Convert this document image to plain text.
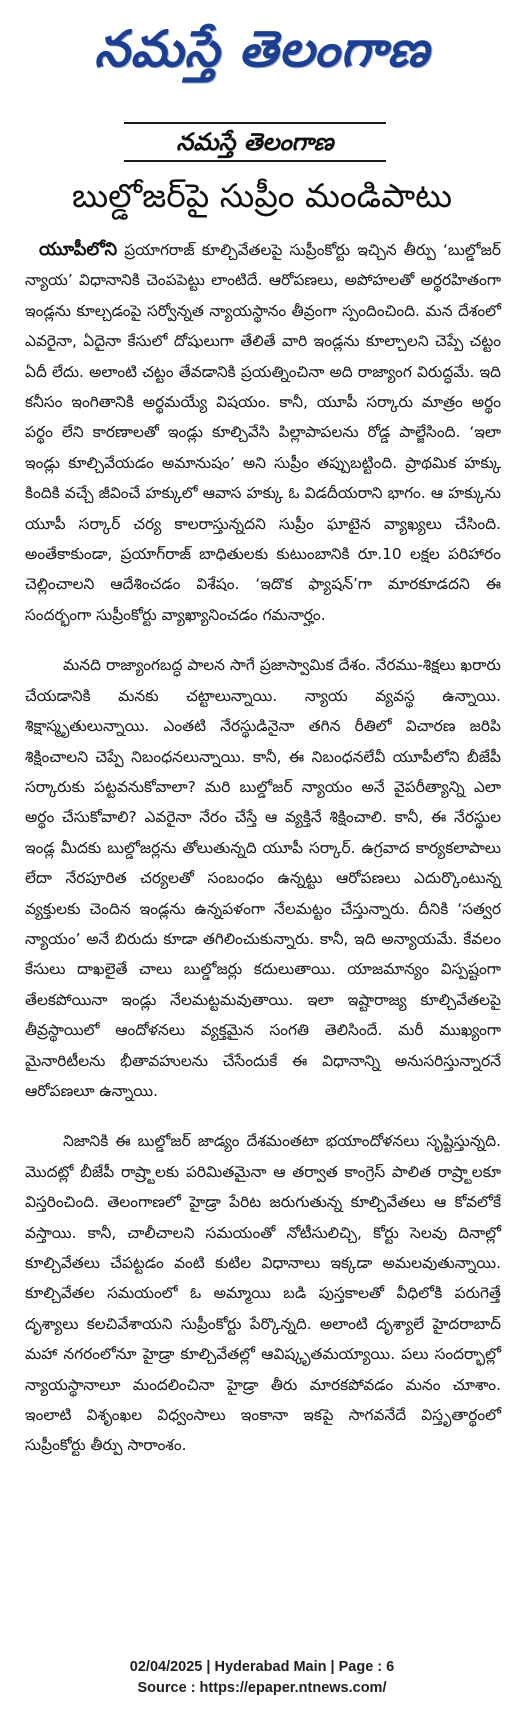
నమస్తే తెలంగాణ
నమస్తే తెలంగాణ
బుల్డోజర్‌పై సుప్రీం మండిపాటు

యూపీలోని ప్రయాగరాజ్ కూల్చివేతలపై సుప్రీంకోర్టు ఇచ్చిన తీర్పు ‘బుల్డోజర్ న్యాయ’ విధానానికి చెంపపెట్టు లాంటిదే. ఆరోపణలు, అపోహలతో అర్థరహితంగా ఇండ్లను కూల్చడంపై సర్వోన్నత న్యాయస్థానం తీవ్రంగా స్పందించింది. మన దేశంలో ఎవరైనా, ఏదైనా కేసులో దోషులుగా తేలితే వారి ఇండ్లను కూల్చాలని చెప్పే చట్టం ఏదీ లేదు. అలాంటి చట్టం తేవడానికి ప్రయత్నించినా అది రాజ్యాంగ విరుద్ధమే. ఇది కనీసం ఇంగితానికి అర్థమయ్యే విషయం. కానీ, యూపీ సర్కారు మాత్రం అర్థం పర్థం లేని కారణాలతో ఇండ్లు కూల్చివేసి పిల్లాపాపలను రోడ్డ పాల్జేసింది. ‘ఇలా ఇండ్లు కూల్చివేయడం అమానుషం’ అని సుప్రీం తప్పుబట్టింది. ప్రాథమిక హక్కు కిందికి వచ్చే జీవించే హక్కులో ఆవాస హక్కు ఓ విడదీయరాని భాగం. ఆ హక్కును యూపీ సర్కార్ చర్య కాలరాస్తున్నదని సుప్రీం ఘాటైన వ్యాఖ్యలు చేసింది. అంతేకాకుండా, ప్రయాగ్‌రాజ్ బాధితులకు కుటుంబానికి రూ.10 లక్షల పరిహారం చెల్లించాలని ఆదేశించడం విశేషం. ‘ఇదొక ఫ్యాషన్’గా మారకూడదని ఈ సందర్భంగా సుప్రీంకోర్టు వ్యాఖ్యానించడం గమనార్హం.

మనది రాజ్యాంగబద్ధ పాలన సాగే ప్రజాస్వామిక దేశం. నేరము-శిక్షలు ఖరారు చేయడానికి మనకు చట్టాలున్నాయి. న్యాయ వ్యవస్థ ఉన్నాయి. శిక్షాస్మృతులున్నాయి. ఎంతటి నేరస్థుడినైనా తగిన రీతిలో విచారణ జరిపి శిక్షించాలని చెప్పే నిబంధనలున్నాయి. కానీ, ఈ నిబంధనలేవీ యూపీలోని బీజేపీ సర్కారుకు పట్టవనుకోవాలా? మరి బుల్డోజర్ న్యాయం అనే వైపరీత్యాన్ని ఎలా అర్థం చేసుకోవాలి? ఎవరైనా నేరం చేస్తే ఆ వ్యక్తినే శిక్షించాలి. కానీ, ఈ నేరస్థుల ఇండ్ల మీదకు బుల్డోజర్లను తోలుతున్నది యూపీ సర్కార్. ఉగ్రవాద కార్యకలాపాలు లేదా నేరపూరిత చర్యలతో సంబంధం ఉన్నట్టు ఆరోపణలు ఎదుర్కొంటున్న వ్యక్తులకు చెందిన ఇండ్లను ఉన్నపళంగా నేలమట్టం చేస్తున్నారు. దీనికి ‘సత్వర న్యాయం’ అనే బిరుదు కూడా తగిలించుకున్నారు. కానీ, ఇది అన్యాయమే. కేవలం కేసులు దాఖలైతే చాలు బుల్డోజర్లు కదులుతాయి. యాజమాన్యం విస్పష్టంగా తేలకపోయినా ఇండ్లు నేలమట్టమవుతాయి. ఇలా ఇష్టారాజ్య కూల్చివేతలపై తీవ్రస్థాయిలో ఆందోళనలు వ్యక్తమైన సంగతి తెలిసిందే. మరీ ముఖ్యంగా మైనారిటీలను భీతావహులను చేసేందుకే ఈ విధానాన్ని అనుసరిస్తున్నారనే ఆరోపణలూ ఉన్నాయి.

నిజానికి ఈ బుల్డోజర్ జాడ్యం దేశమంతటా భయాందోళనలు సృష్టిస్తున్నది. మొదట్లో బీజేపీ రాష్ర్టాలకు పరిమితమైనా ఆ తర్వాత కాంగ్రెస్ పాలిత రాష్ర్టాలకూ విస్తరించింది. తెలంగాణలో హైడ్రా పేరిట జరుగుతున్న కూల్చివేతలు ఆ కోవలోకే వస్తాయి. కానీ, చాలీచాలని సమయంతో నోటీసులిచ్చి, కోర్టు సెలవు దినాల్లో కూల్చివేతలు చేపట్టడం వంటి కుటిల విధానాలు ఇక్కడా అమలవుతున్నాయి. కూల్చివేతల సమయంలో ఓ అమ్మాయి బడి పుస్తకాలతో వీధిలోకి పరుగెత్తే దృశ్యాలు కలచివేశాయని సుప్రీంకోర్టు పేర్కొన్నది. అలాంటి దృశ్యాలే హైదరాబాద్ మహా నగరంలోనూ హైడ్రా కూల్చివేతల్లో ఆవిష్కృతమయ్యాయి. పలు సందర్భాల్లో న్యాయస్థానాలూ మందలించినా హైడ్రా తీరు మారకపోవడం మనం చూశాం. ఇంలాటి విశృంఖల విధ్వంసాలు ఇంకానా ఇకపై సాగవనేదే విస్తృతార్థంలో సుప్రీంకోర్టు తీర్పు సారాంశం.

02/04/2025 | Hyderabad Main | Page : 6
Source : https://epaper.ntnews.com/
